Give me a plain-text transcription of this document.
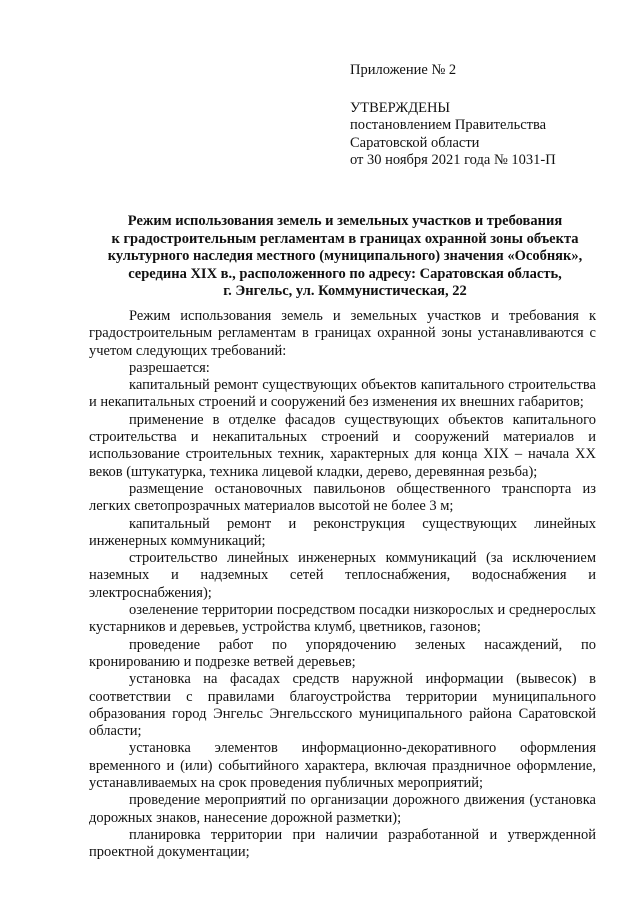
Приложение № 2
УТВЕРЖДЕНЫ
постановлением Правительства
Саратовской области
от 30 ноября 2021 года № 1031-П
Режим использования земель и земельных участков и требования
к градостроительным регламентам в границах охранной зоны объекта
культурного наследия местного (муниципального) значения «Особняк»,
середина XIX в., расположенного по адресу: Саратовская область,
г. Энгельс, ул. Коммунистическая, 22

Режим использования земель и земельных участков и требования к градостроительным регламентам в границах охранной зоны устанавливаются с учетом следующих требований:

разрешается:

капитальный ремонт существующих объектов капитального строительства и некапитальных строений и сооружений без изменения их внешних габаритов;

применение в отделке фасадов существующих объектов капитального строительства и некапитальных строений и сооружений материалов и использование строительных техник, характерных для конца XIX – начала XX веков (штукатурка, техника лицевой кладки, дерево, деревянная резьба);

размещение остановочных павильонов общественного транспорта из легких светопрозрачных материалов высотой не более 3 м;

капитальный ремонт и реконструкция существующих линейных инженерных коммуникаций;

строительство линейных инженерных коммуникаций (за исключением наземных и надземных сетей теплоснабжения, водоснабжения и электроснабжения);

озеленение территории посредством посадки низкорослых и среднерослых кустарников и деревьев, устройства клумб, цветников, газонов;

проведение работ по упорядочению зеленых насаждений, по кронированию и подрезке ветвей деревьев;

установка на фасадах средств наружной информации (вывесок) в соответствии с правилами благоустройства территории муниципального образования город Энгельс Энгельсского муниципального района Саратовской области;

установка элементов информационно-декоративного оформления временного и (или) событийного характера, включая праздничное оформление, устанавливаемых на срок проведения публичных мероприятий;

проведение мероприятий по организации дорожного движения (установка дорожных знаков, нанесение дорожной разметки);

планировка территории при наличии разработанной и утвержденной проектной документации;
